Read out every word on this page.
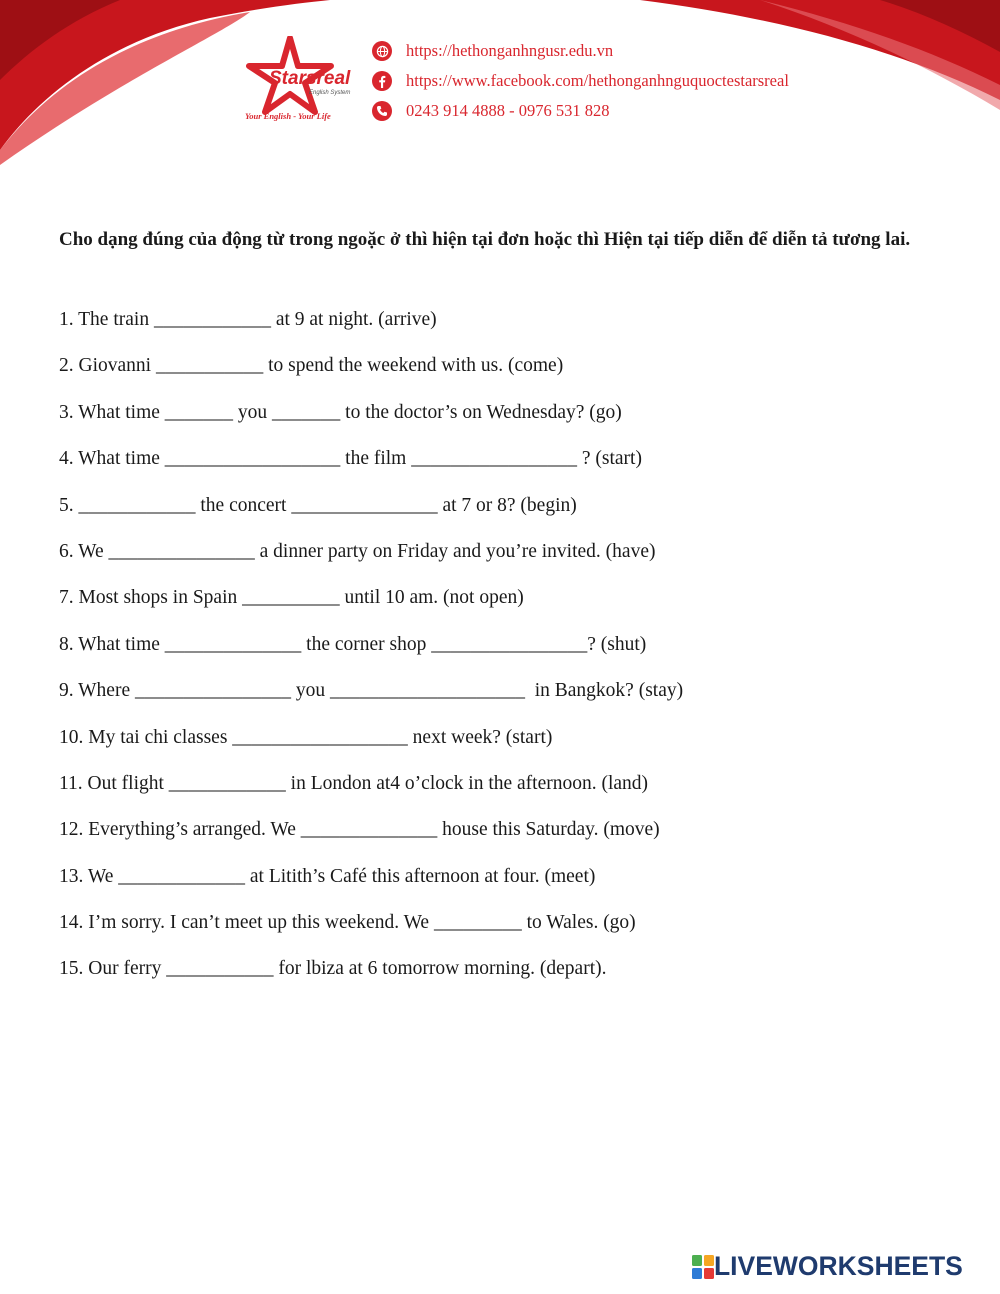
Starsreal
English System
Your English - Your Life
https://hethonganhngusr.edu.vn
https://www.facebook.com/hethonganhnguquoctestarsreal
0243 914 4888 - 0976 531 828
Cho dạng đúng của động từ trong ngoặc ở thì hiện tại đơn hoặc thì Hiện tại tiếp diễn để diễn tả tương lai.
1. The train ____________ at 9 at night. (arrive)
2. Giovanni ___________ to spend the weekend with us. (come)
3. What time _______ you _______ to the doctor’s on Wednesday? (go)
4. What time __________________ the film _________________ ? (start)
5. ____________ the concert _______________ at 7 or 8? (begin)
6. We _______________ a dinner party on Friday and you’re invited. (have)
7. Most shops in Spain __________ until 10 am. (not open)
8. What time ______________ the corner shop ________________? (shut)
9. Where ________________ you ____________________  in Bangkok? (stay)
10. My tai chi classes __________________ next week? (start)
11. Out flight ____________ in London at4 o’clock in the afternoon. (land)
12. Everything’s arranged. We ______________ house this Saturday. (move)
13. We _____________ at Litith’s Café this afternoon at four. (meet)
14. I’m sorry. I can’t meet up this weekend. We _________ to Wales. (go)
15. Our ferry ___________ for lbiza at 6 tomorrow morning. (depart).
LIVEWORKSHEETS
